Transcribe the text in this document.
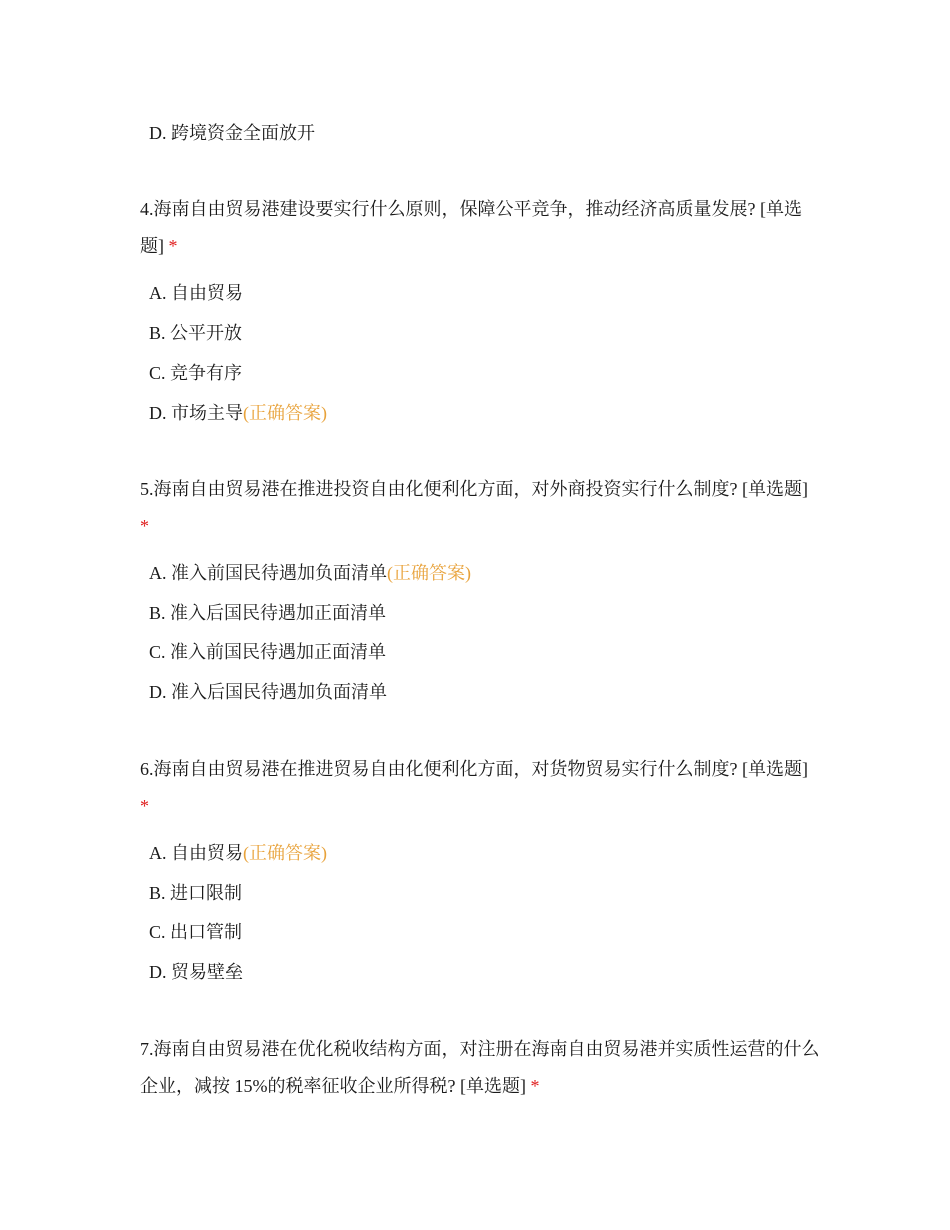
D. 跨境资金全面放开
4.海南自由贸易港建设要实行什么原则，保障公平竞争，推动经济高质量发展? [单选题] *
A. 自由贸易
B. 公平开放
C. 竞争有序
D. 市场主导(正确答案)
5.海南自由贸易港在推进投资自由化便利化方面，对外商投资实行什么制度? [单选题] *
A. 准入前国民待遇加负面清单(正确答案)
B. 准入后国民待遇加正面清单
C. 准入前国民待遇加正面清单
D. 准入后国民待遇加负面清单
6.海南自由贸易港在推进贸易自由化便利化方面，对货物贸易实行什么制度? [单选题] *
A. 自由贸易(正确答案)
B. 进口限制
C. 出口管制
D. 贸易壁垒
7.海南自由贸易港在优化税收结构方面，对注册在海南自由贸易港并实质性运营的什么企业，减按 15%的税率征收企业所得税? [单选题] *
